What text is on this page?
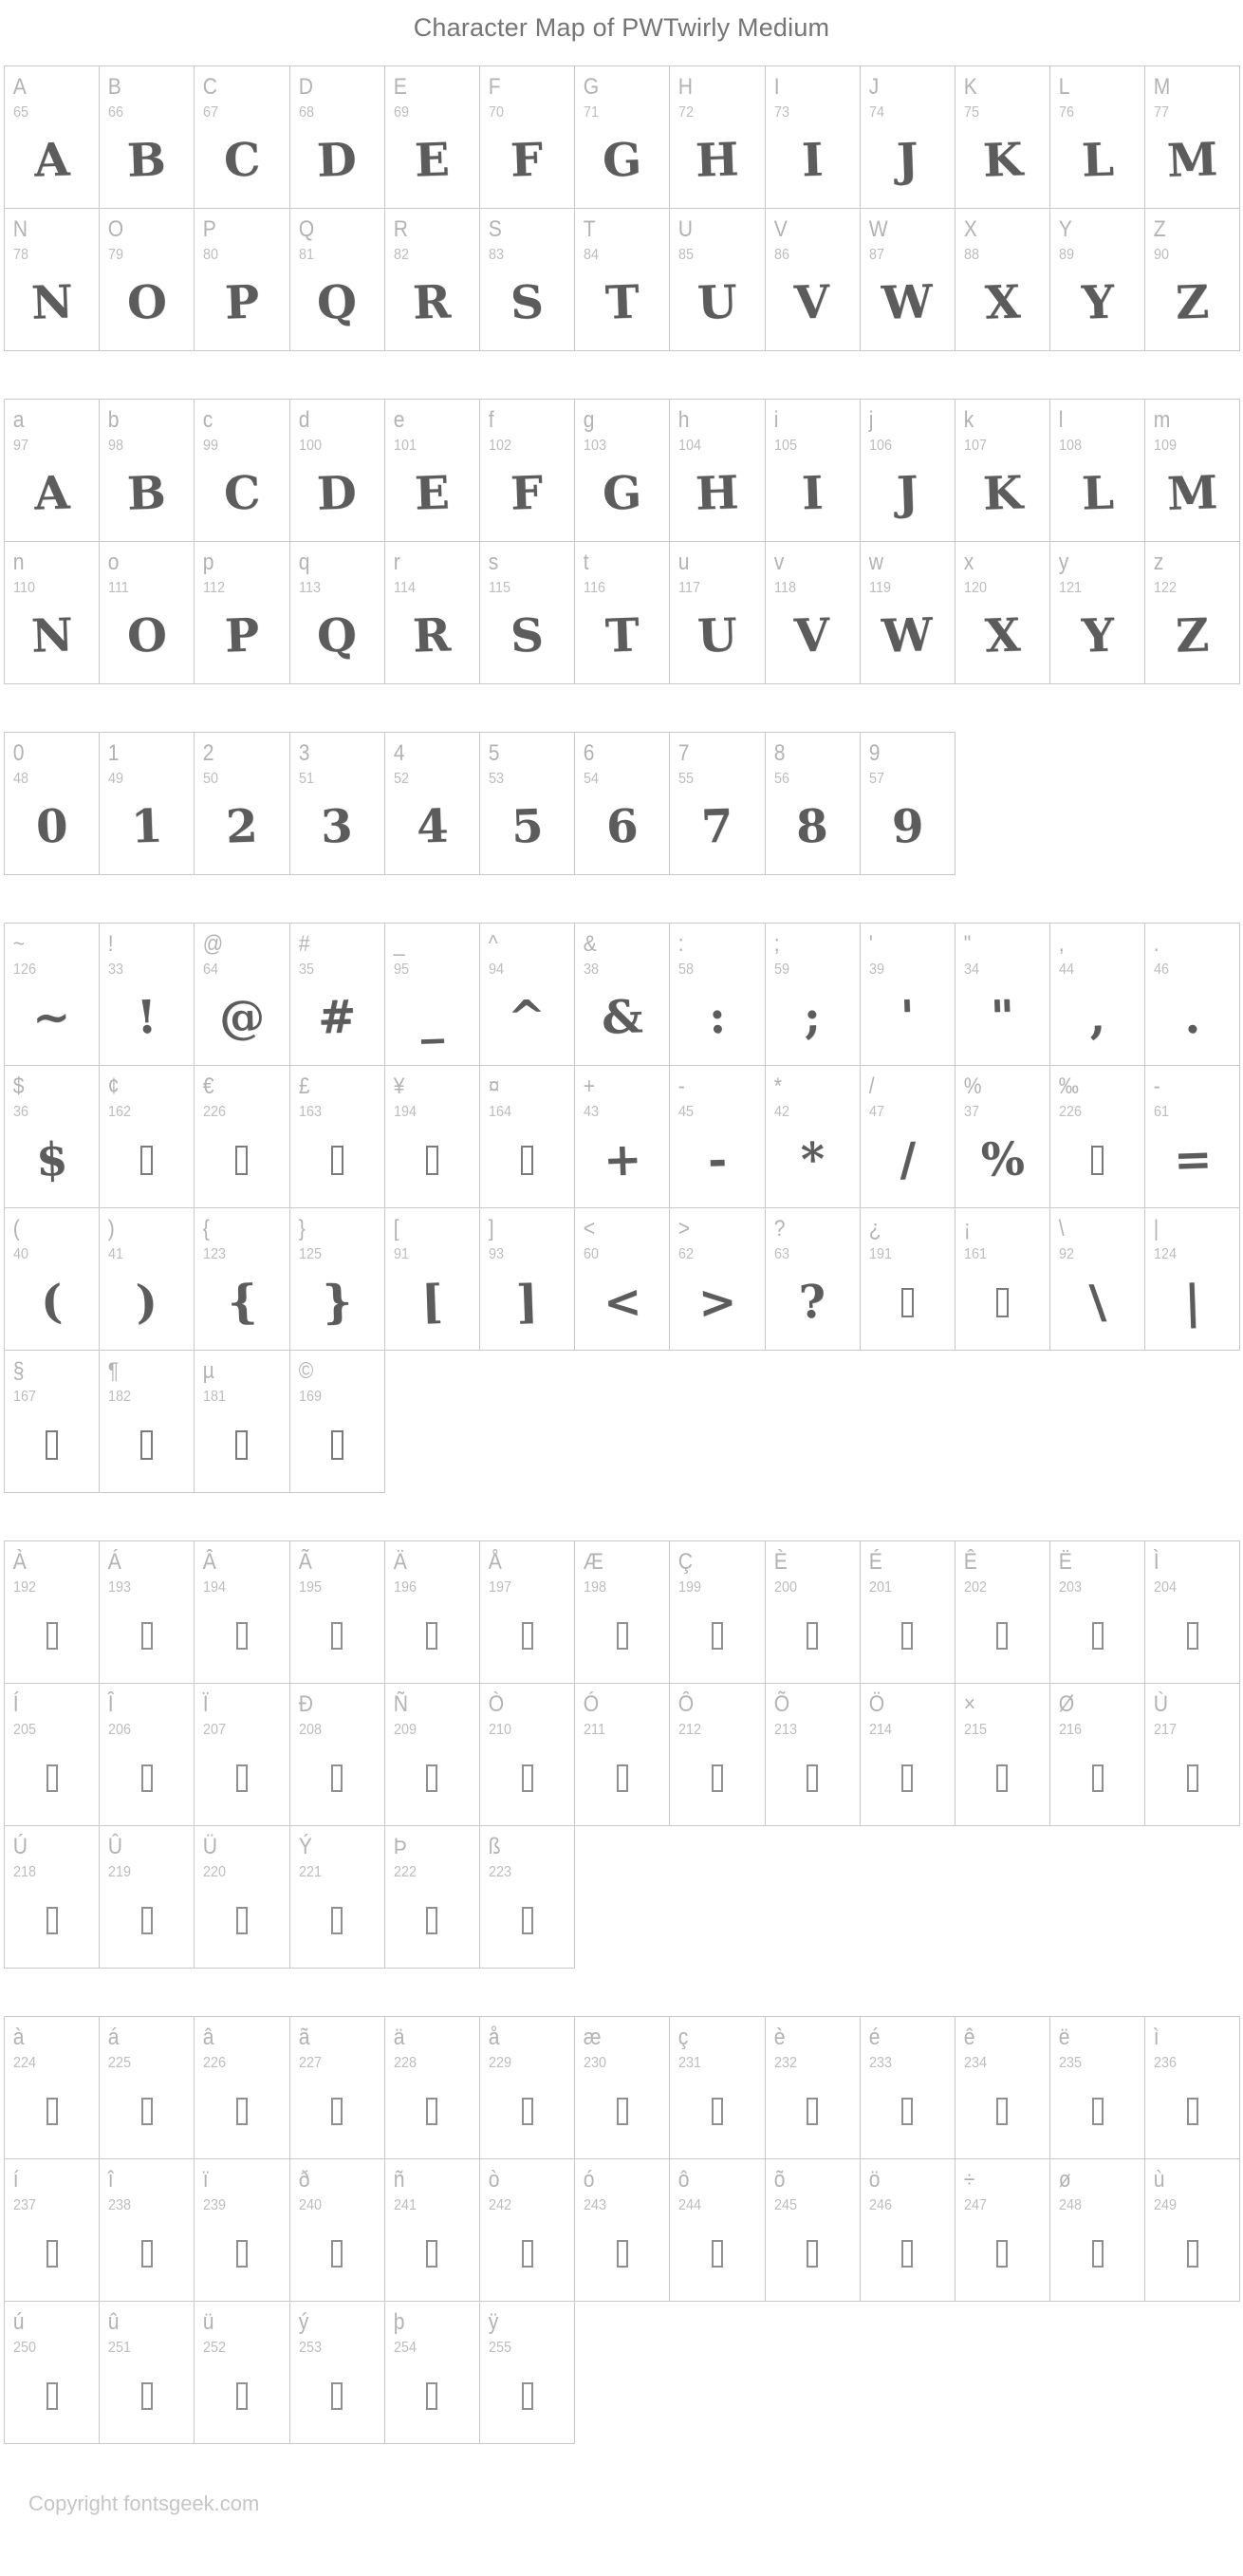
Character Map of PWTwirly Medium
A
65
A
B
66
B
C
67
C
D
68
D
E
69
E
F
70
F
G
71
G
H
72
H
I
73
I
J
74
J
K
75
K
L
76
L
M
77
M
N
78
N
O
79
O
P
80
P
Q
81
Q
R
82
R
S
83
S
T
84
T
U
85
U
V
86
V
W
87
W
X
88
X
Y
89
Y
Z
90
Z
a
97
A
b
98
B
c
99
C
d
100
D
e
101
E
f
102
F
g
103
G
h
104
H
i
105
I
j
106
J
k
107
K
l
108
L
m
109
M
n
110
N
o
111
O
p
112
P
q
113
Q
r
114
R
s
115
S
t
116
T
u
117
U
v
118
V
w
119
W
x
120
X
y
121
Y
z
122
Z
0
48
0
1
49
1
2
50
2
3
51
3
4
52
4
5
53
5
6
54
6
7
55
7
8
56
8
9
57
9
~
126
~
!
33
!
@
64
@
#
35
#
_
95
_
^
94
^
&
38
&
:
58
:
;
59
;
'
39
'
"
34
"
,
44
,
.
46
.
$
36
$
¢
162
€
226
£
163
¥
194
¤
164
+
43
+
-
45
-
*
42
*
/
47
/
%
37
%
‰
226
-
61
=
(
40
(
)
41
)
{
123
{
}
125
}
[
91
[
]
93
]
<
60
<
>
62
>
?
63
?
¿
191
¡
161
\
92
\
|
124
|
§
167
¶
182
µ
181
©
169
À
192
Á
193
Â
194
Ã
195
Ä
196
Å
197
Æ
198
Ç
199
È
200
É
201
Ê
202
Ë
203
Ì
204
Í
205
Î
206
Ï
207
Ð
208
Ñ
209
Ò
210
Ó
211
Ô
212
Õ
213
Ö
214
×
215
Ø
216
Ù
217
Ú
218
Û
219
Ü
220
Ý
221
Þ
222
ß
223
à
224
á
225
â
226
ã
227
ä
228
å
229
æ
230
ç
231
è
232
é
233
ê
234
ë
235
ì
236
í
237
î
238
ï
239
ð
240
ñ
241
ò
242
ó
243
ô
244
õ
245
ö
246
÷
247
ø
248
ù
249
ú
250
û
251
ü
252
ý
253
þ
254
ÿ
255
Copyright fontsgeek.com
